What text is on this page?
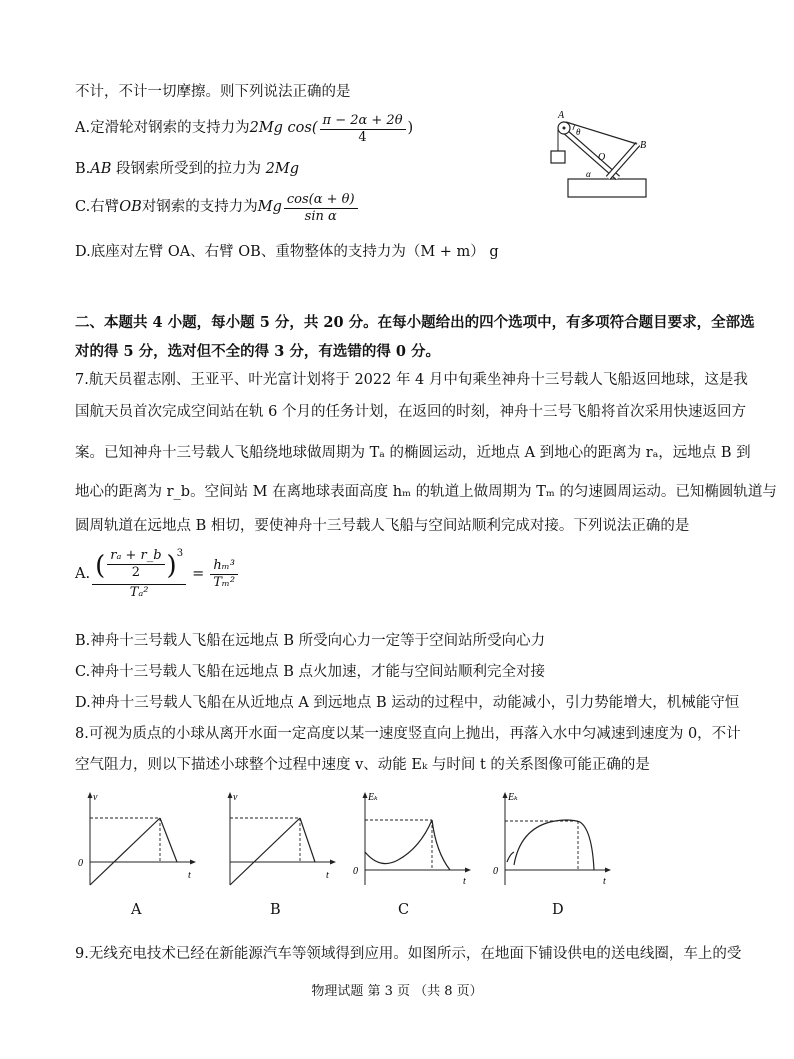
不计，不计一切摩擦。则下列说法正确的是
A.定滑轮对钢索的支持力为 2Mg $\cos( \frac{\pi - 2\alpha + 2\theta}{4}$ )
B.AB 段钢索所受到的拉力为 2Mg
C.右臂 OB 对钢索的支持力为 Mg $\frac{\cos(\alpha + \theta)}{\text{sin α}}$
D.底座对左臂 OA、右臂 OB、重物整体的支持力为（M + m） g
A
B
O
θ
α
二、本题共 4 小题，每小题 5 分，共 20 分。在每小题给出的四个选项中，有多项符合题目要求，全部选
对的得 5 分，选对但不全的得 3 分，有选错的得 0 分。
7.航天员翟志刚、王亚平、叶光富计划将于 2022 年 4 月中旬乘坐神舟十三号载人飞船返回地球，这是我
国航天员首次完成空间站在轨 6 个月的任务计划，在返回的时刻，神舟十三号飞船将首次采用快速返回方
案。已知神舟十三号载人飞船绕地球做周期为 Tₐ 的椭圆运动，近地点 A 到地心的距离为 rₐ，远地点 B 到
地心的距离为 r_b。空间站 M 在离地球表面高度 hₘ 的轨道上做周期为 Tₘ 的匀速圆周运动。已知椭圆轨道与
圆周轨道在远地点 B 相切，要使神舟十三号载人飞船与空间站顺利完成对接。下列说法正确的是
A. $\frac{( \frac{\text{rₐ + r\_b}}{2} )^3}{\text{Tₐ²}} = \frac{\text{hₘ³}}{\text{Tₘ²}}$
B.神舟十三号载人飞船在远地点 B 所受向心力一定等于空间站所受向心力
C.神舟十三号载人飞船在远地点 B 点火加速，才能与空间站顺利完全对接
D.神舟十三号载人飞船在从近地点 A 到远地点 B 运动的过程中，动能减小，引力势能增大，机械能守恒
8.可视为质点的小球从离开水面一定高度以某一速度竖直向上抛出，再落入水中匀减速到速度为 0，不计
空气阻力，则以下描述小球整个过程中速度 v、动能 Eₖ 与时间 t 的关系图像可能正确的是
v
t
0
A
v
t
B
Eₖ
t
0
C
Eₖ
t
0
D
9.无线充电技术已经在新能源汽车等领域得到应用。如图所示，在地面下铺设供电的送电线圈，车上的受
物理试题 第 3 页 （共 8 页）
